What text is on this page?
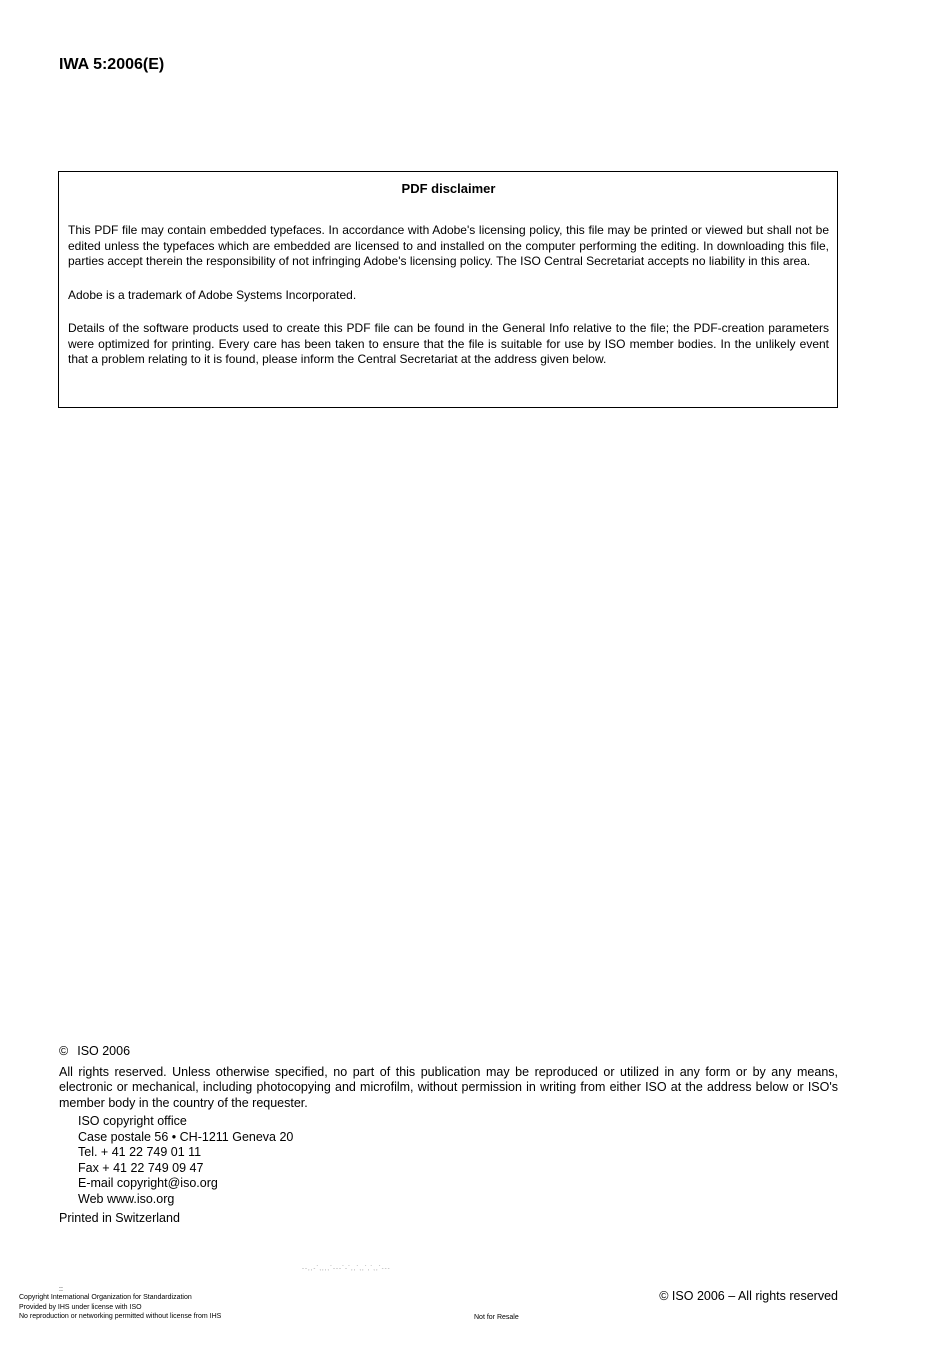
IWA 5:2006(E)
PDF disclaimer

This PDF file may contain embedded typefaces. In accordance with Adobe's licensing policy, this file may be printed or viewed but shall not be edited unless the typefaces which are embedded are licensed to and installed on the computer performing the editing. In downloading this file, parties accept therein the responsibility of not infringing Adobe's licensing policy. The ISO Central Secretariat accepts no liability in this area.

Adobe is a trademark of Adobe Systems Incorporated.

Details of the software products used to create this PDF file can be found in the General Info relative to the file; the PDF-creation parameters were optimized for printing. Every care has been taken to ensure that the file is suitable for use by ISO member bodies. In the unlikely event that a problem relating to it is found, please inform the Central Secretariat at the address given below.

© ISO 2006

All rights reserved. Unless otherwise specified, no part of this publication may be reproduced or utilized in any form or by any means, electronic or mechanical, including photocopying and microfilm, without permission in writing from either ISO at the address below or ISO's member body in the country of the requester.

ISO copyright office
Case postale 56 • CH-1211 Geneva 20
Tel. + 41 22 749 01 11
Fax + 41 22 749 09 47
E-mail copyright@iso.org
Web www.iso.org

Printed in Switzerland

--,,-`,,,,`---`-`,,`,,`,`,,`---
© ISO 2006 – All rights reserved
::
Copyright International Organization for Standardization
Provided by IHS under license with ISO
No reproduction or networking permitted without license from IHS	Not for Resale
